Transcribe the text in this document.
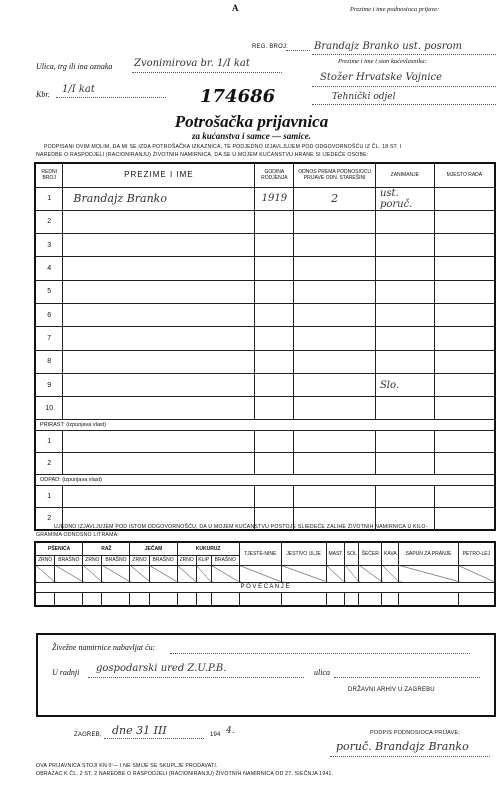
A	Prezime i ime podnosioca prijave:
REG. BROJ:	Brandajz Branko ust. posrom
Prezime i ime i stan kućevlasnika:
Ulica, trg ili ina oznaka Zvonimirova br. 1/I kat
Stožer Hrvatske Vojnice
Kbr. 1/I kat
Tehnički odjel
174686
Potrošačka prijavnica
za kućanstva i samce — samice.
PODPISANI OVIM MOLIM, DA MI SE IZDA POTROŠAČKA IZKAZNICA, TE PODJEDNO IZJAVLJUJEM POD ODGOVORNOŠĆU IZ ČL. 18 ST. I
NAREDBE O RASPODJELI (RACIONIRANJU) ŽIVOTNIH NAMIRNICA, DA SE U MOJEM KUĆANSTVU HRANE SI IJEDEĆE OSOBE:
REDNI BROJ	PREZIME I IME	GODINA RODJENJA	ODNOS PREMA PODNOSIOCU PRIJAVE ODN. STAREŠINI	ZANIMANJE	MJESTO RADA
1	Brandajz Branko	1919	2	ust. poruč.	
2					
3					
4					
5					
6					
7					
8					
9				Slo.	
10					
PRIRAST: (izpunjava vlast)					
1					
2					
ODPAD: (izpunjava vlast)					
1					
2					
UJEDNO IZJAVLJUJEM POD ISTOM ODGOVORNOŠĆU, DA U MOJEM KUĆANSTVU POSTOJE SLIEDEĆE ZALIHE ŽIVOTNIH NAMIRNICA U KILO-
GRAMIMA ODNOSNO LITRAMA:
PŠENICA		RAŽ		JEČAM		KUKURUZ			TJESTE-NINE	JESTIVO ULJE	MAST	SOL	ŠEĆER	KAVA	SAPUN ZA PRANJE	PETRO-LEJ
ZRNO	BRAŠNO	ZRNO	BRAŠNO	ZRNO	BRAŠNO	ZRNO	KLIP	BRAŠNO								

P O V E Ć A N J E																

Živežne namirnice nabavljat ću:
U radnji gospodarski ured Z.U.P.B.	ulica
DRŽAVNI ARHIV U ZAGREBU
ZAGREB, dne 31 III	194 4.	PODPIS PODNOSIOCA PRIJAVE:
poruč. Brandajz Branko
OVA PRIJAVNICA STOJI KN 0'— I NE SMIJE SE SKUPLJE PRODAVATI.
OBRAZAC K ČL. 2 ST. 2 NAREDBE O RASPODJELI (RACIONIRANJU) ŽIVOTNIH NAMIRNICA OD 27. SIEČNJA 1941.
